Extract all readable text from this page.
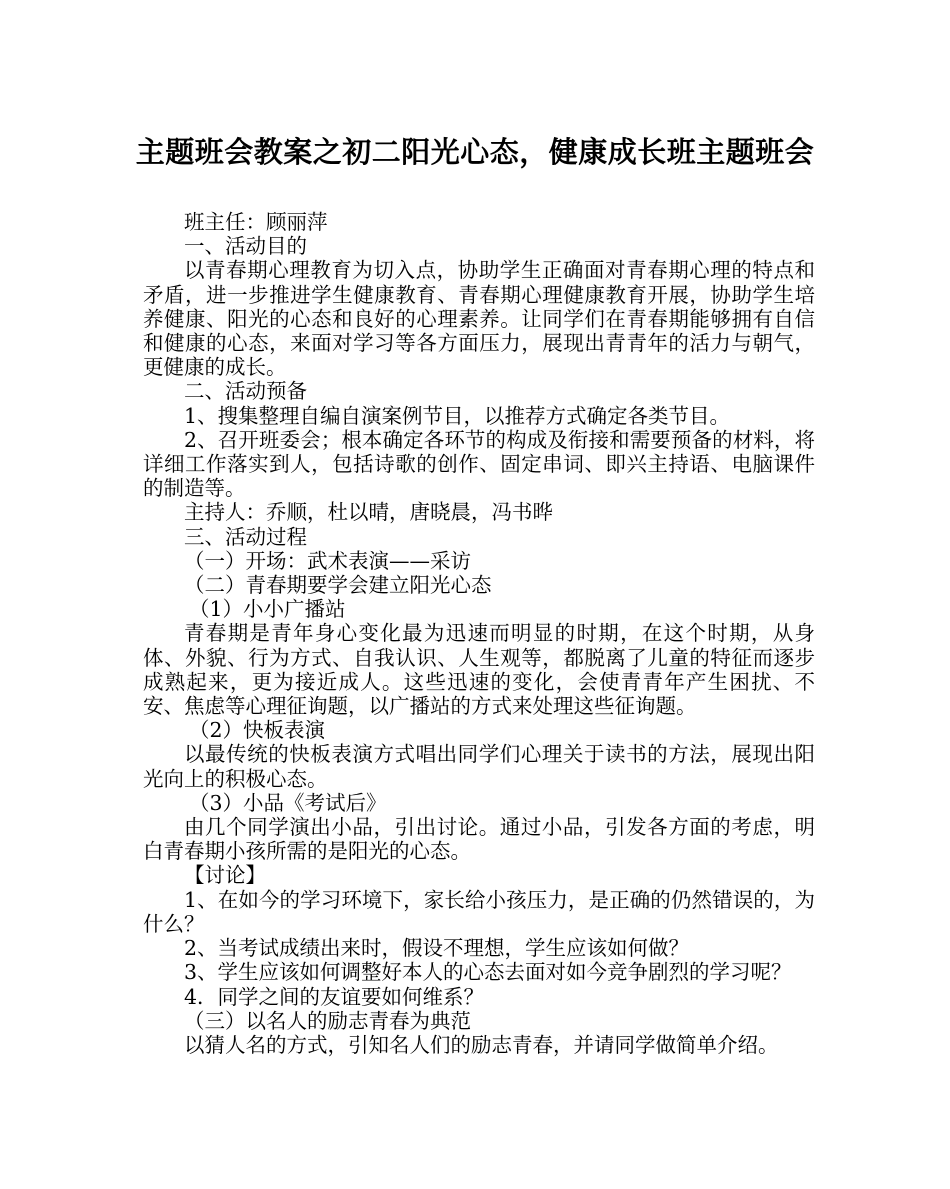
主题班会教案之初二阳光心态，健康成长班主题班会

班主任：顾丽萍

一、活动目的

以青春期心理教育为切入点，协助学生正确面对青春期心理的特点和矛盾，进一步推进学生健康教育、青春期心理健康教育开展，协助学生培养健康、阳光的心态和良好的心理素养。让同学们在青春期能够拥有自信和健康的心态，来面对学习等各方面压力，展现出青青年的活力与朝气，更健康的成长。

二、活动预备

1、搜集整理自编自演案例节目，以推荐方式确定各类节目。

2、召开班委会；根本确定各环节的构成及衔接和需要预备的材料，将详细工作落实到人，包括诗歌的创作、固定串词、即兴主持语、电脑课件的制造等。

主持人：乔顺，杜以晴，唐晓晨，冯书晔

三、活动过程

（一）开场：武术表演——采访

（二）青春期要学会建立阳光心态

（1）小小广播站

青春期是青年身心变化最为迅速而明显的时期，在这个时期，从身体、外貌、行为方式、自我认识、人生观等，都脱离了儿童的特征而逐步成熟起来，更为接近成人。这些迅速的变化，会使青青年产生困扰、不安、焦虑等心理征询题，以广播站的方式来处理这些征询题。

（2）快板表演

以最传统的快板表演方式唱出同学们心理关于读书的方法，展现出阳光向上的积极心态。

（3）小品《考试后》

由几个同学演出小品，引出讨论。通过小品，引发各方面的考虑，明白青春期小孩所需的是阳光的心态。

【讨论】

1、在如今的学习环境下，家长给小孩压力，是正确的仍然错误的，为什么？

2、当考试成绩出来时，假设不理想，学生应该如何做？

3、学生应该如何调整好本人的心态去面对如今竞争剧烈的学习呢？

4．同学之间的友谊要如何维系？

（三）以名人的励志青春为典范

以猜人名的方式，引知名人们的励志青春，并请同学做简单介绍。
